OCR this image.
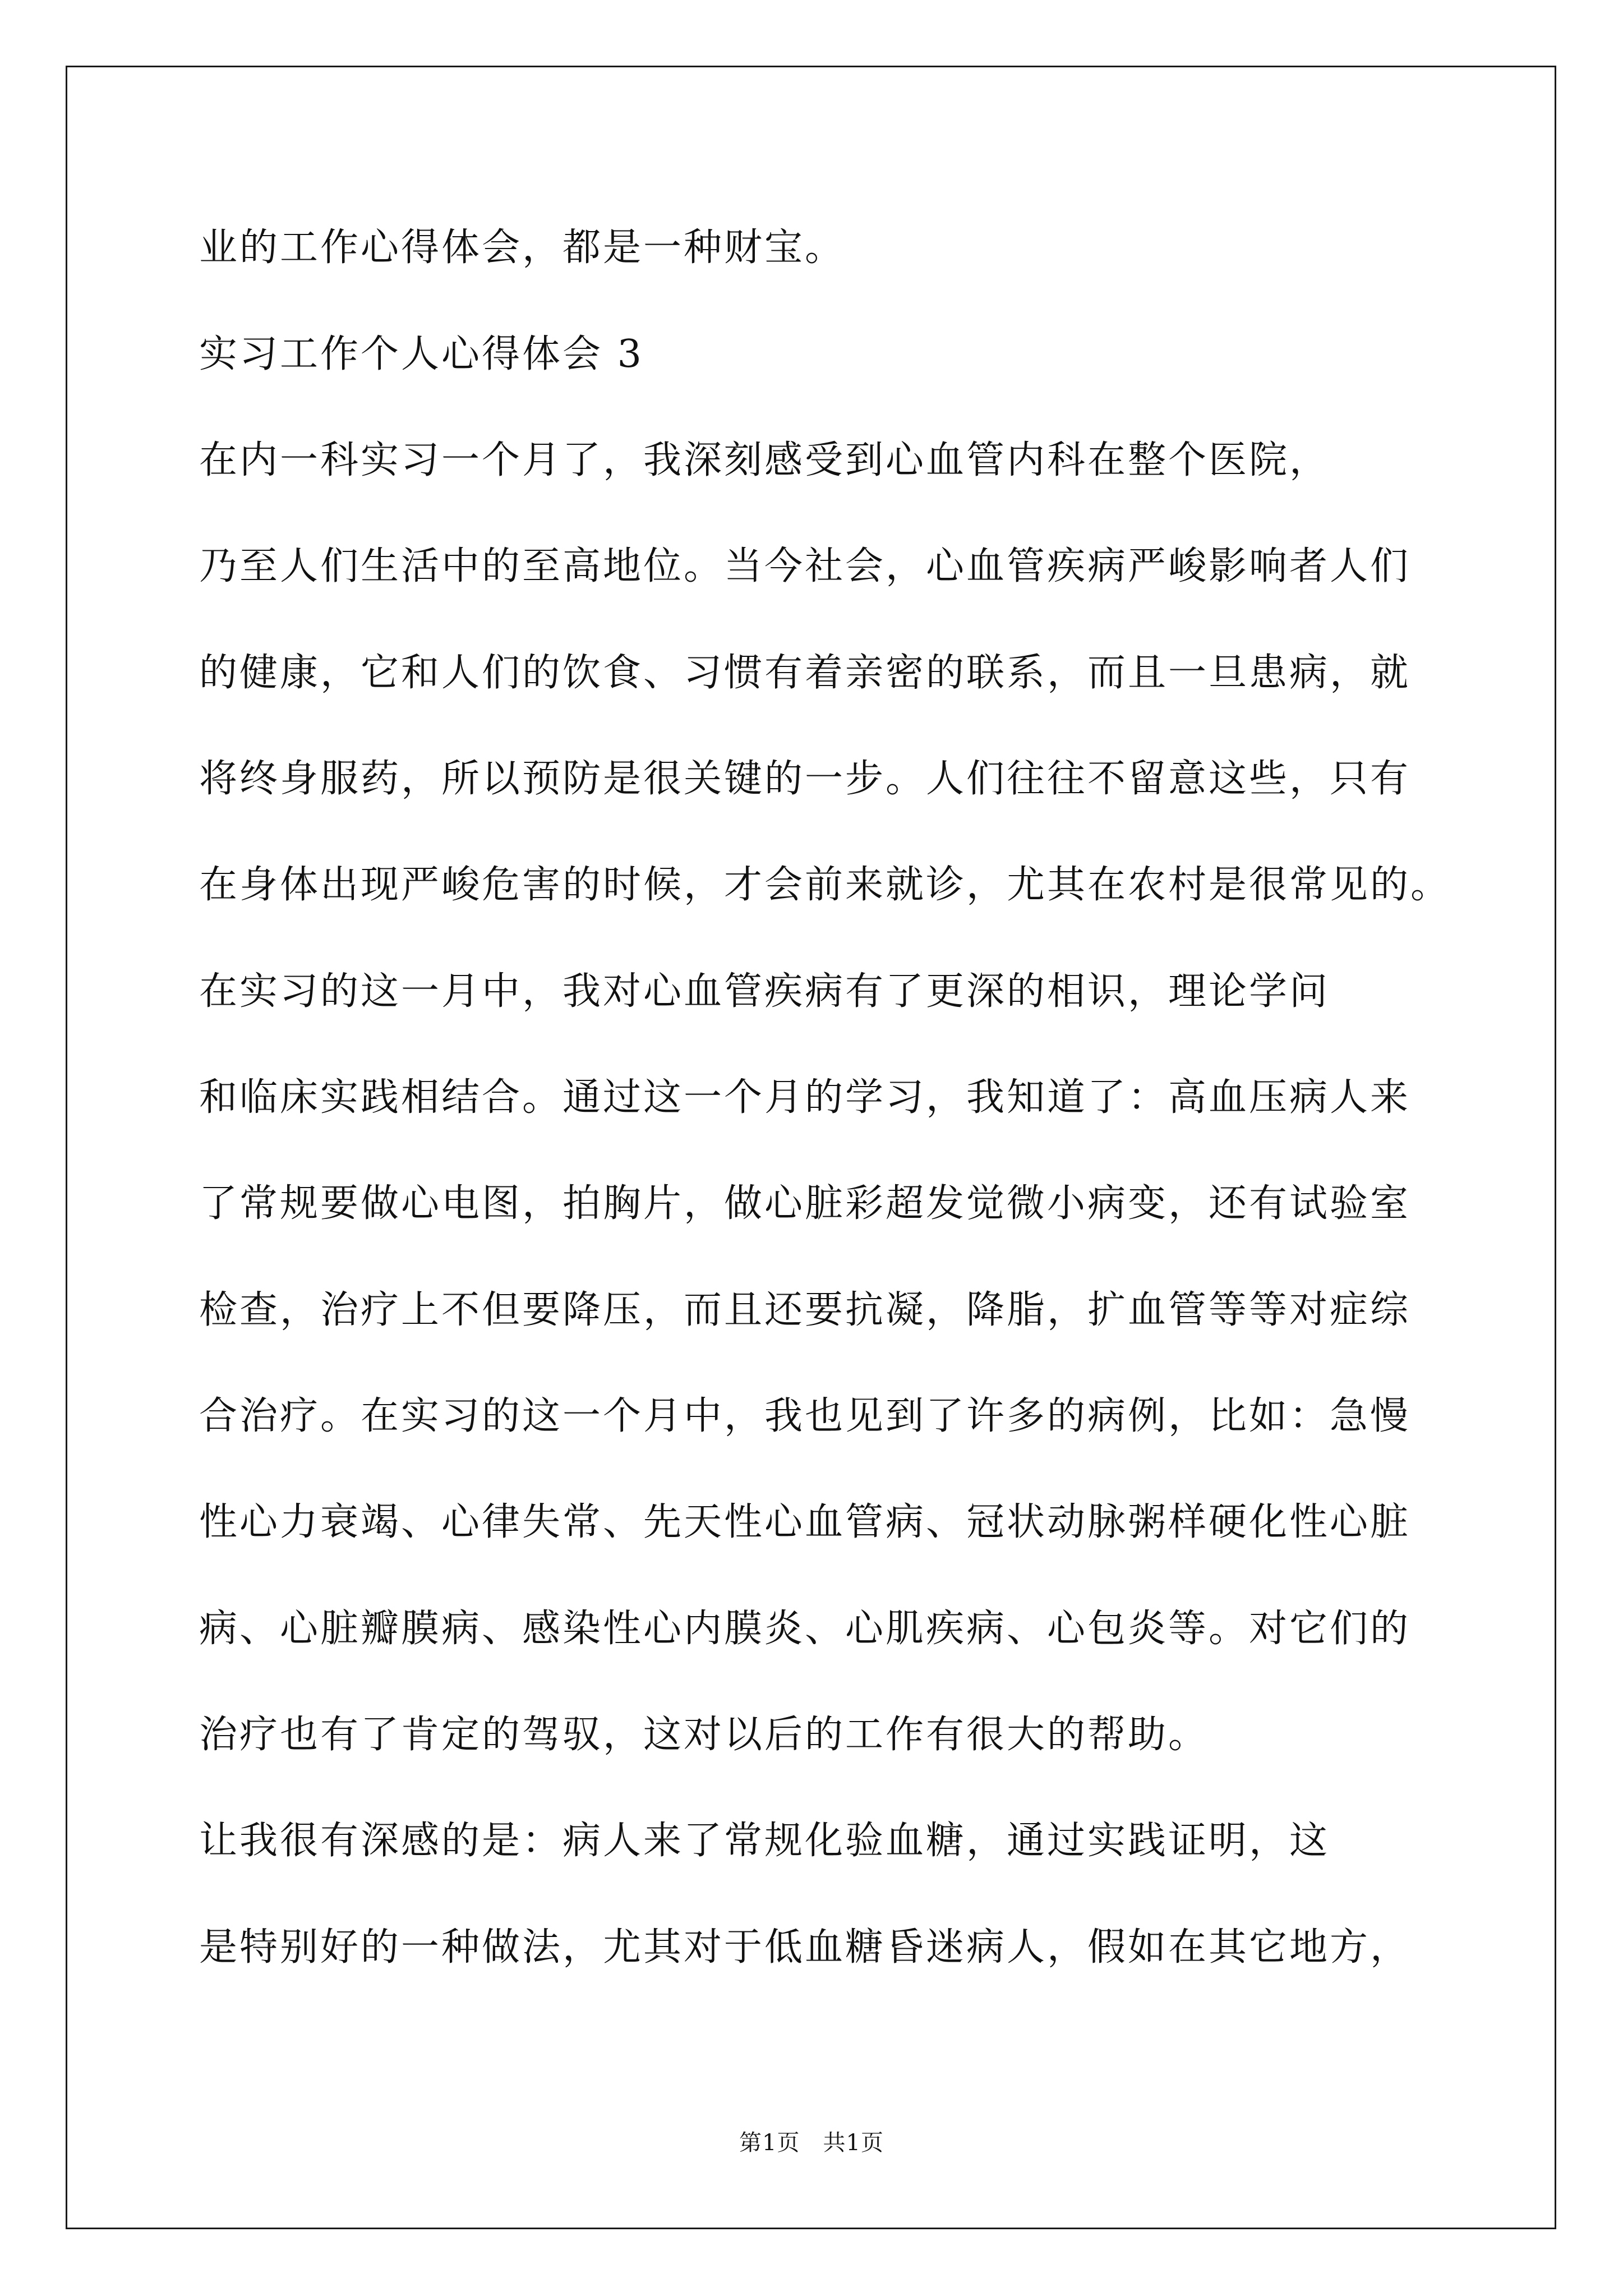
业的工作心得体会，都是一种财宝。
实习工作个人心得体会 3
在内一科实习一个月了，我深刻感受到心血管内科在整个医院，
乃至人们生活中的至高地位。当今社会，心血管疾病严峻影响者人们
的健康，它和人们的饮食、习惯有着亲密的联系，而且一旦患病，就
将终身服药，所以预防是很关键的一步。人们往往不留意这些，只有
在身体出现严峻危害的时候，才会前来就诊，尤其在农村是很常见的。
在实习的这一月中，我对心血管疾病有了更深的相识，理论学问
和临床实践相结合。通过这一个月的学习，我知道了：高血压病人来
了常规要做心电图，拍胸片，做心脏彩超发觉微小病变，还有试验室
检查，治疗上不但要降压，而且还要抗凝，降脂，扩血管等等对症综
合治疗。在实习的这一个月中，我也见到了许多的病例，比如：急慢
性心力衰竭、心律失常、先天性心血管病、冠状动脉粥样硬化性心脏
病、心脏瓣膜病、感染性心内膜炎、心肌疾病、心包炎等。对它们的
治疗也有了肯定的驾驭，这对以后的工作有很大的帮助。
让我很有深感的是：病人来了常规化验血糖，通过实践证明，这
是特别好的一种做法，尤其对于低血糖昏迷病人，假如在其它地方，
第1页　共1页
